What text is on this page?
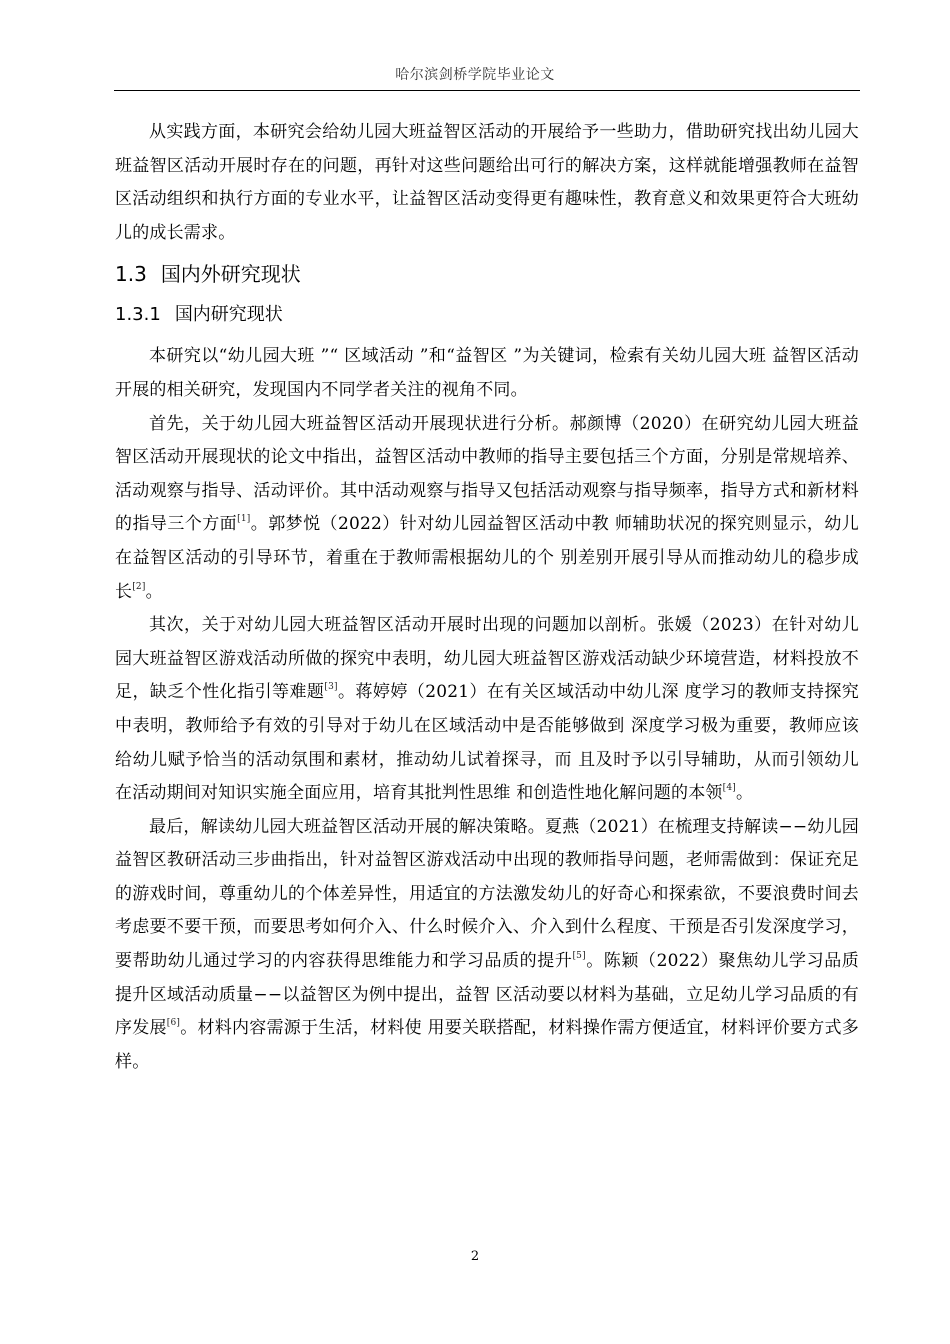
哈尔滨剑桥学院毕业论文

从实践方面，本研究会给幼儿园大班益智区活动的开展给予一些助力，借助研究找出幼儿园大班益智区活动开展时存在的问题，再针对这些问题给出可行的解决方案，这样就能增强教师在益智区活动组织和执行方面的专业水平，让益智区活动变得更有趣味性，教育意义和效果更符合大班幼儿的成长需求。

1.3 国内外研究现状
1.3.1 国内研究现状

本研究以“幼儿园大班 ”“ 区域活动 ”和“益智区 ”为关键词，检索有关幼儿园大班 益智区活动开展的相关研究，发现国内不同学者关注的视角不同。

首先，关于幼儿园大班益智区活动开展现状进行分析。郝颜博（2020）在研究幼儿园大班益智区活动开展现状的论文中指出，益智区活动中教师的指导主要包括三个方面，分别是常规培养、活动观察与指导、活动评价。其中活动观察与指导又包括活动观察与指导频率，指导方式和新材料的指导三个方面[1]。郭梦悦（2022）针对幼儿园益智区活动中教 师辅助状况的探究则显示，幼儿在益智区活动的引导环节，着重在于教师需根据幼儿的个 别差别开展引导从而推动幼儿的稳步成长[2]。

其次，关于对幼儿园大班益智区活动开展时出现的问题加以剖析。张媛（2023）在针对幼儿园大班益智区游戏活动所做的探究中表明，幼儿园大班益智区游戏活动缺少环境营造，材料投放不足，缺乏个性化指引等难题[3]。蒋婷婷（2021）在有关区域活动中幼儿深 度学习的教师支持探究中表明，教师给予有效的引导对于幼儿在区域活动中是否能够做到 深度学习极为重要，教师应该给幼儿赋予恰当的活动氛围和素材，推动幼儿试着探寻，而 且及时予以引导辅助，从而引领幼儿在活动期间对知识实施全面应用，培育其批判性思维 和创造性地化解问题的本领[4]。

最后，解读幼儿园大班益智区活动开展的解决策略。夏燕（2021）在梳理支持解读−−幼儿园益智区教研活动三步曲指出，针对益智区游戏活动中出现的教师指导问题，老师需做到：保证充足的游戏时间，尊重幼儿的个体差异性，用适宜的方法激发幼儿的好奇心和探索欲，不要浪费时间去考虑要不要干预，而要思考如何介入、什么时候介入、介入到什么程度、干预是否引发深度学习，要帮助幼儿通过学习的内容获得思维能力和学习品质的提升[5]。陈颖（2022）聚焦幼儿学习品质提升区域活动质量−−以益智区为例中提出，益智 区活动要以材料为基础，立足幼儿学习品质的有序发展[6]。材料内容需源于生活，材料使 用要关联搭配，材料操作需方便适宜，材料评价要方式多样。

2
